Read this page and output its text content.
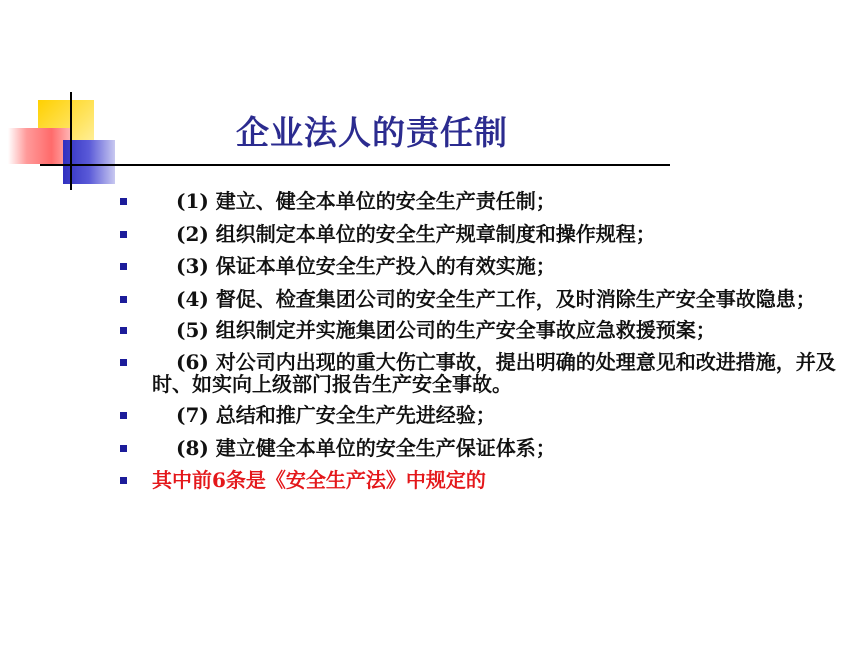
企业法人的责任制
(1) 建立、健全本单位的安全生产责任制；
(2) 组织制定本单位的安全生产规章制度和操作规程；
(3) 保证本单位安全生产投入的有效实施；
(4) 督促、检查集团公司的安全生产工作，及时消除生产安全事故隐患；
(5) 组织制定并实施集团公司的生产安全事故应急救援预案；
(6) 对公司内出现的重大伤亡事故，提出明确的处理意见和改进措施，并及时、如实向上级部门报告生产安全事故。
(7) 总结和推广安全生产先进经验；
(8) 建立健全本单位的安全生产保证体系；
其中前6条是《安全生产法》中规定的
